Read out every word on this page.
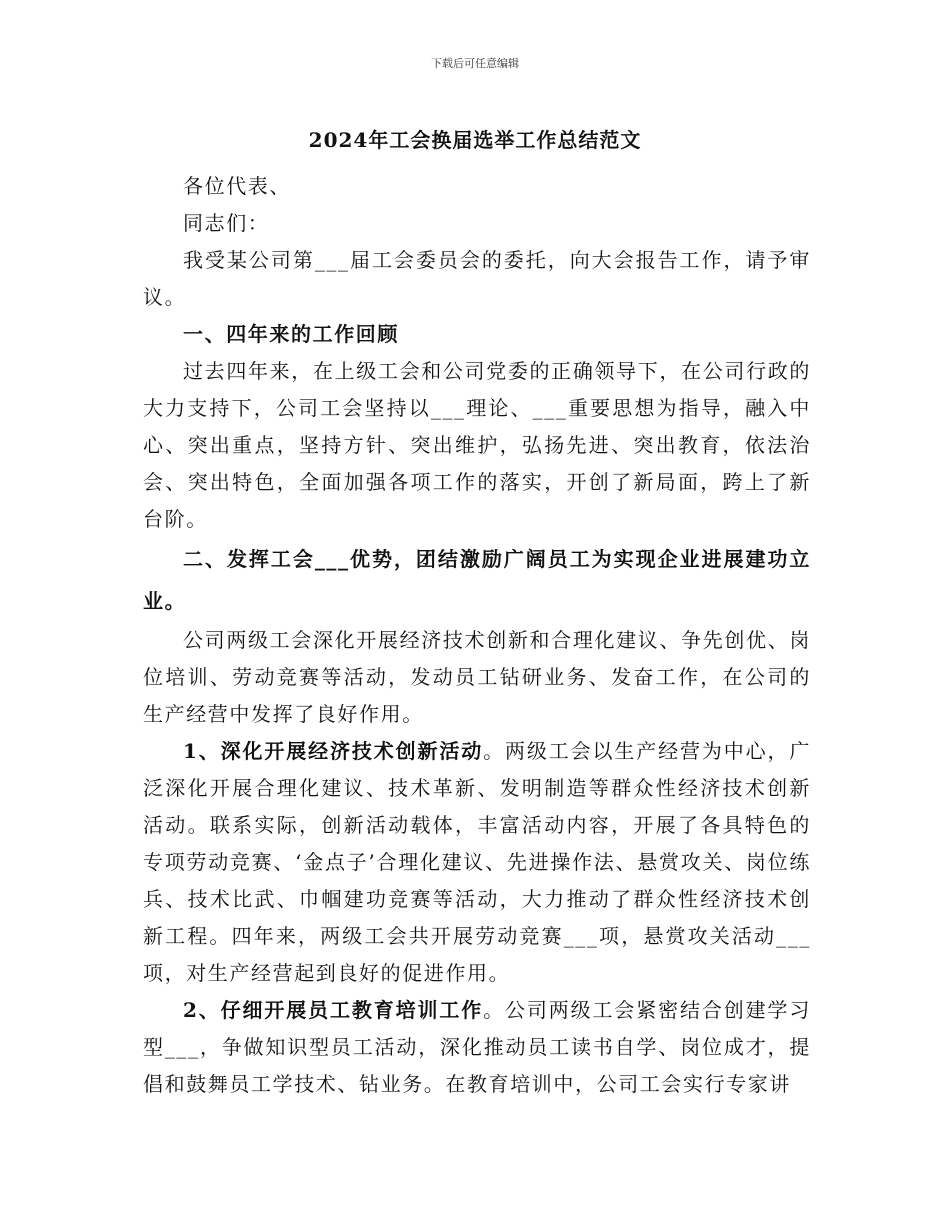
下载后可任意编辑
2024年工会换届选举工作总结范文

各位代表、

同志们：

我受某公司第___届工会委员会的委托，向大会报告工作，请予审议。

一、四年来的工作回顾

过去四年来，在上级工会和公司党委的正确领导下，在公司行政的大力支持下，公司工会坚持以___理论、___重要思想为指导，融入中心、突出重点，坚持方针、突出维护，弘扬先进、突出教育，依法治会、突出特色，全面加强各项工作的落实，开创了新局面，跨上了新台阶。

二、发挥工会___优势，团结激励广阔员工为实现企业进展建功立业。

公司两级工会深化开展经济技术创新和合理化建议、争先创优、岗位培训、劳动竞赛等活动，发动员工钻研业务、发奋工作，在公司的生产经营中发挥了良好作用。

1、深化开展经济技术创新活动。两级工会以生产经营为中心，广泛深化开展合理化建议、技术革新、发明制造等群众性经济技术创新活动。联系实际，创新活动载体，丰富活动内容，开展了各具特色的专项劳动竞赛、‘金点子’合理化建议、先进操作法、悬赏攻关、岗位练兵、技术比武、巾帼建功竞赛等活动，大力推动了群众性经济技术创新工程。四年来，两级工会共开展劳动竞赛___项，悬赏攻关活动___项，对生产经营起到良好的促进作用。

2、仔细开展员工教育培训工作。公司两级工会紧密结合创建学习型___，争做知识型员工活动，深化推动员工读书自学、岗位成才，提倡和鼓舞员工学技术、钻业务。在教育培训中，公司工会实行专家讲
